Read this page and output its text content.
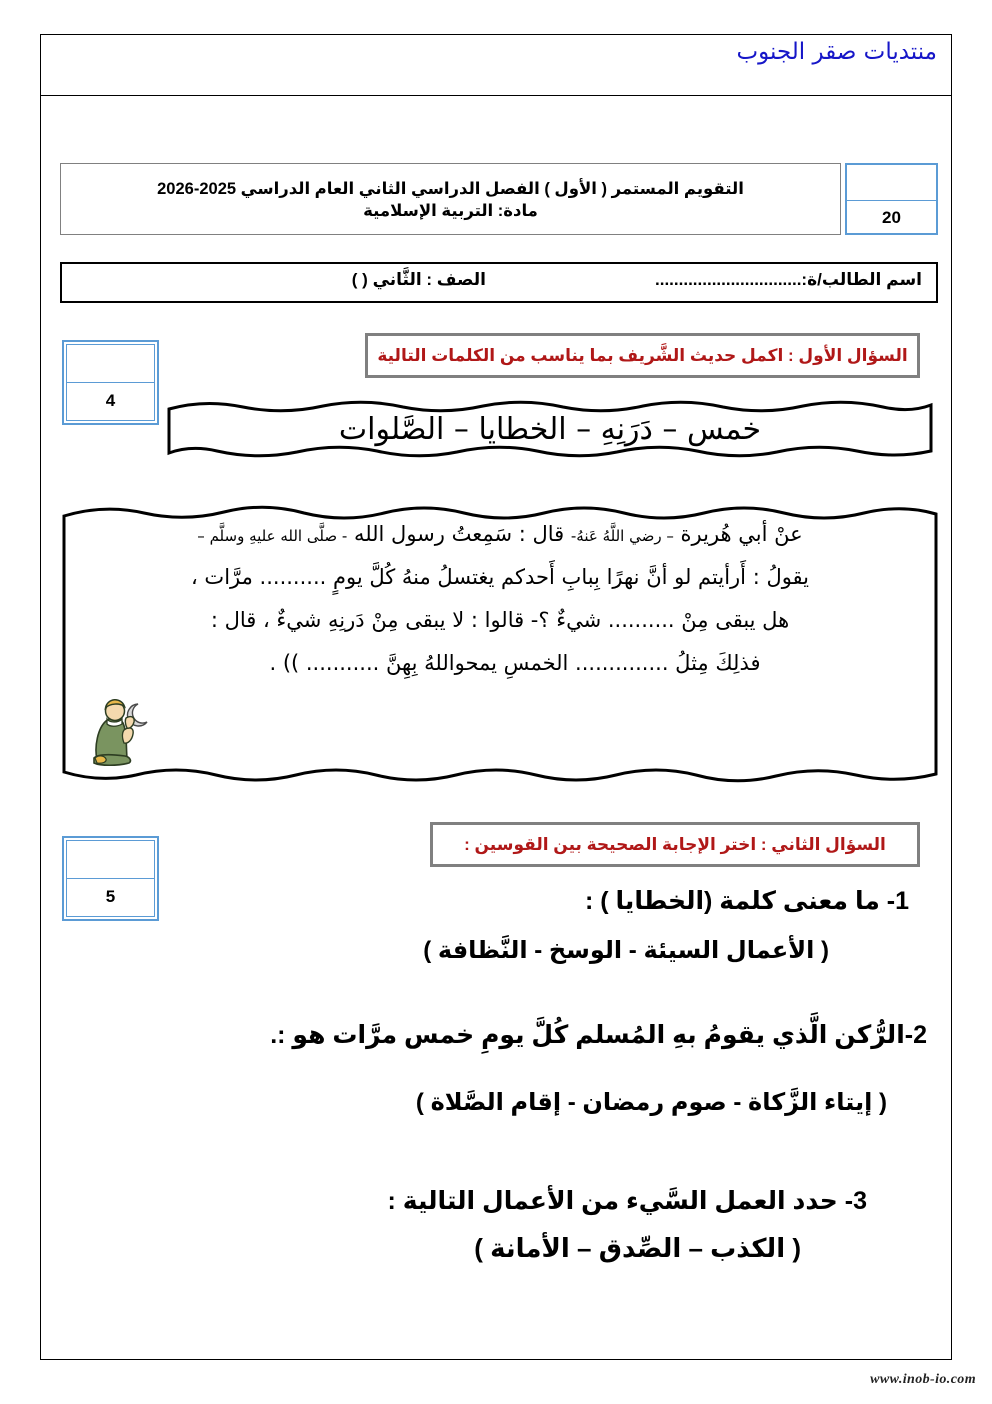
منتديات صقر الجنوب
20
التقويم المستمر ( الأول ) الفصل الدراسي الثاني العام الدراسي 2025-2026
مادة: التربية الإسلامية
اسم الطالب/ة:...............................
الصف : الثَّاني ( )
4
السؤال الأول : اكمل حديث الشَّريف بما يناسب من الكلمات التالية
خمس – دَرَنِهِ – الخطايا – الصَّلوات
عنْ أبي هُريرة – رضي اللَّهُ عَنهُ- قال : سَمِعتُ رسول الله - صلَّى الله عليهِ وسلَّم –
يقولُ : أَرأيتم لو أنَّ نهرًا بِبابِ أَحدكم يغتسلُ منهُ كُلَّ يومٍ .......... مرَّات ،
هل يبقى مِنْ .......... شيءٌ ؟- قالوا : لا يبقى مِنْ دَرنِهِ شيءٌ ، قال :
فذلِكَ مِثلُ .............. الخمسِ يمحواللهُ بِهِنَّ ........... )) .
5
السؤال الثاني : اختر الإجابة الصحيحة بين القوسين :
1- ما معنى كلمة (الخطايا ) :
( الأعمال السيئة - الوسخ - النَّظافة )
2-الرُّكن الَّذي يقومُ بهِ المُسلم كُلَّ يومِ خمس مرَّات هو :.
( إيتاء الزَّكاة - صوم رمضان - إقام الصَّلاة )
3- حدد العمل السَّيء من الأعمال التالية :
( الكذب – الصِّدق – الأمانة )
www.inob-io.com
